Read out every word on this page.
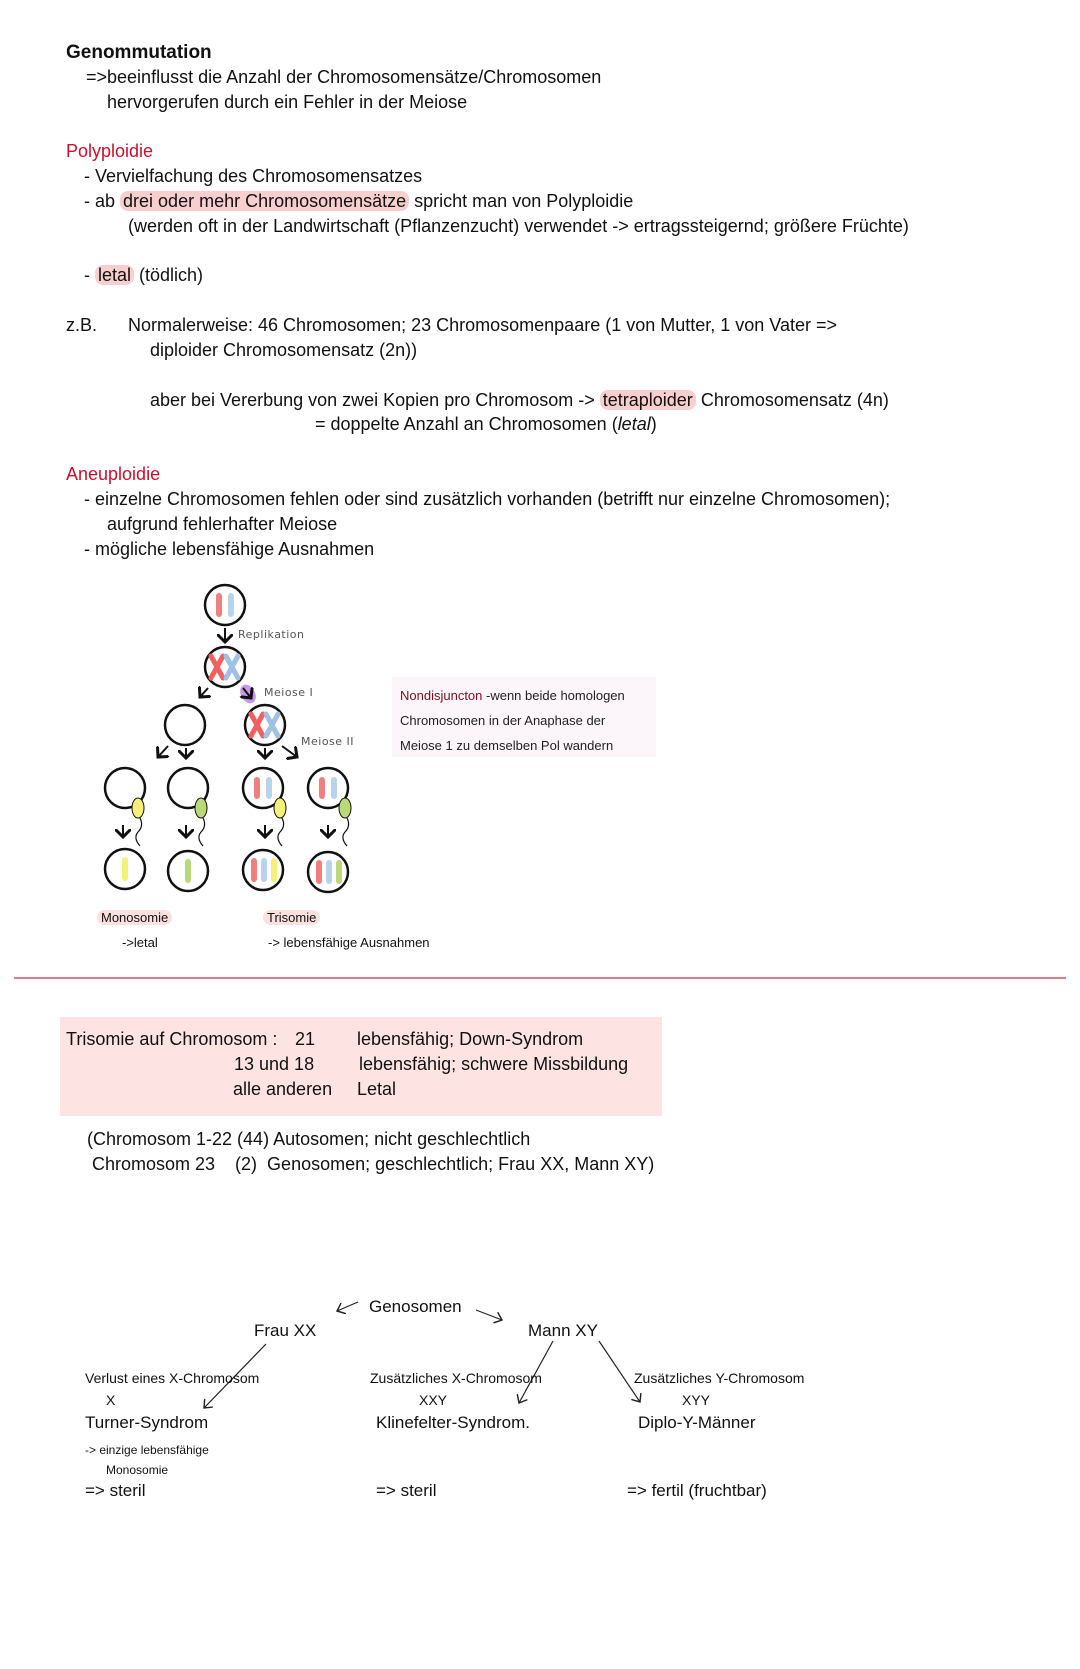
Genommutation
=>beeinflusst die Anzahl der Chromosomensätze/Chromosomen
hervorgerufen durch ein Fehler in der Meiose
Polyploidie
- Vervielfachung des Chromosomensatzes
- ab drei oder mehr Chromosomensätze spricht man von Polyploidie
(werden oft in der Landwirtschaft (Pflanzenzucht) verwendet -> ertragssteigernd; größere Früchte)
- letal (tödlich)
z.B. Normalerweise: 46 Chromosomen; 23 Chromosomenpaare (1 von Mutter, 1 von Vater =>
diploider Chromosomensatz (2n))
aber bei Vererbung von zwei Kopien pro Chromosom -> tetraploider Chromosomensatz (4n)
= doppelte Anzahl an Chromosomen (letal)
Aneuploidie
- einzelne Chromosomen fehlen oder sind zusätzlich vorhanden (betrifft nur einzelne Chromosomen);
aufgrund fehlerhafter Meiose
- mögliche lebensfähige Ausnahmen
Replikation
Meiose I
Meiose II
Monosomie
->letal
Trisomie
-> lebensfähige Ausnahmen
Nondisjuncton -wenn beide homologen
Chromosomen in der Anaphase der
Meiose 1 zu demselben Pol wandern
Trisomie auf Chromosom : 21 lebensfähig; Down-Syndrom
13 und 18 lebensfähig; schwere Missbildung
alle anderen Letal
(Chromosom 1-22 (44) Autosomen; nicht geschlechtlich
Chromosom 23    (2)  Genosomen; geschlechtlich; Frau XX, Mann XY)
Genosomen
Frau XX	Mann XY
Verlust eines X-Chromosom
X
Turner-Syndrom
-> einzige lebensfähige
Monosomie
=> steril
Zusätzliches X-Chromosom
XXY
Klinefelter-Syndrom.
=> steril
Zusätzliches Y-Chromosom
XYY
Diplo-Y-Männer
=> fertil (fruchtbar)
